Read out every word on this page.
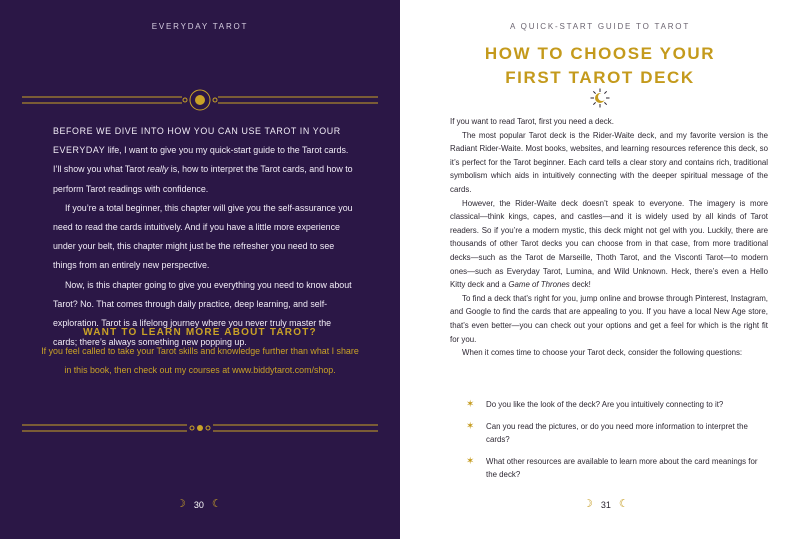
EVERYDAY TAROT

BEFORE WE DIVE INTO HOW YOU CAN USE TAROT IN YOUR EVERYDAY life, I want to give you my quick-start guide to the Tarot cards. I’ll show you what Tarot really is, how to interpret the Tarot cards, and how to perform Tarot readings with confidence.

If you’re a total beginner, this chapter will give you the self-assurance you need to read the cards intuitively. And if you have a little more experience under your belt, this chapter might just be the refresher you need to see things from an entirely new perspective.

Now, is this chapter going to give you everything you need to know about Tarot? No. That comes through daily practice, deep learning, and self-exploration. Tarot is a lifelong journey where you never truly master the cards; there’s always something new popping up.

WANT TO LEARN MORE ABOUT TAROT?
If you feel called to take your Tarot skills and knowledge further than what I share in this book, then check out my courses at www.biddytarot.com/shop.
☽ 30 ☾
A QUICK-START GUIDE TO TAROT
HOW TO CHOOSE YOUR
FIRST TAROT DECK

If you want to read Tarot, first you need a deck.

The most popular Tarot deck is the Rider-Waite deck, and my favorite version is the Radiant Rider-Waite. Most books, websites, and learning resources reference this deck, so it’s perfect for the Tarot beginner. Each card tells a clear story and contains rich, traditional symbolism which aids in intuitively connecting with the deeper spiritual message of the cards.

However, the Rider-Waite deck doesn’t speak to everyone. The imagery is more classical—think kings, capes, and castles—and it is widely used by all kinds of Tarot readers. So if you’re a modern mystic, this deck might not gel with you. Luckily, there are thousands of other Tarot decks you can choose from in that case, from more traditional decks—such as the Tarot de Marseille, Thoth Tarot, and the Visconti Tarot—to modern ones—such as Everyday Tarot, Lumina, and Wild Unknown. Heck, there’s even a Hello Kitty deck and a Game of Thrones deck!

To find a deck that’s right for you, jump online and browse through Pinterest, Instagram, and Google to find the cards that are appealing to you. If you have a local New Age store, that’s even better—you can check out your options and get a feel for which is the right fit for you.

When it comes time to choose your Tarot deck, consider the following questions:

☽ 31 ☾
✶	Do you like the look of the deck? Are you intuitively connecting to it?
✶	Can you read the pictures, or do you need more information to interpret the cards?
✶	What other resources are available to learn more about the card meanings for the deck?
